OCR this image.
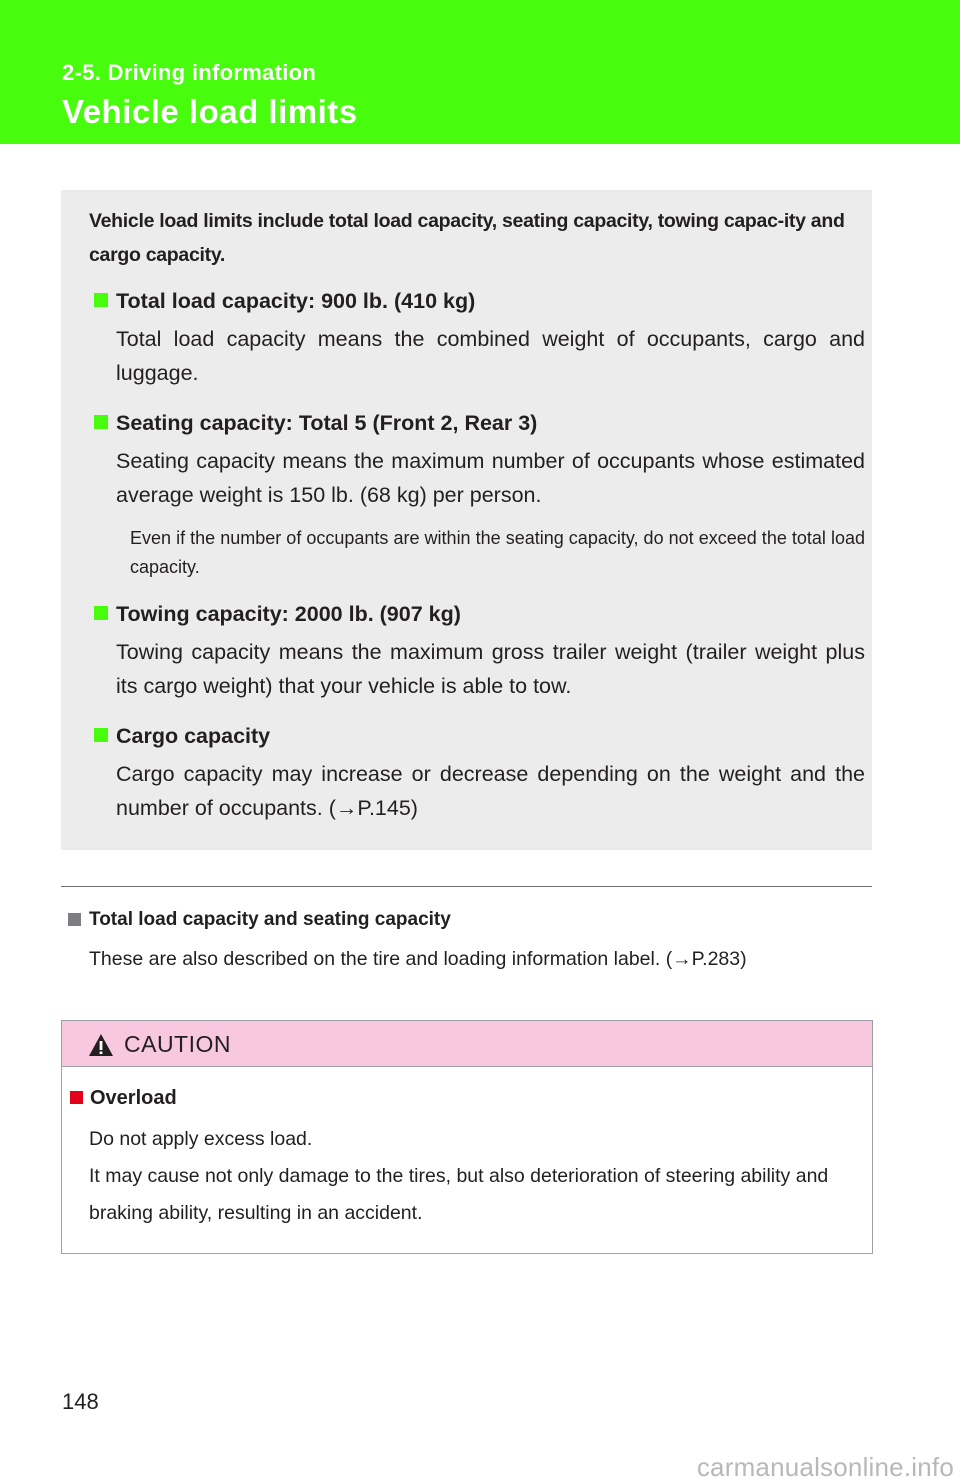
2-5. Driving information
Vehicle load limits
Vehicle load limits include total load capacity, seating capacity, towing capac-ity and cargo capacity.
Total load capacity: 900 lb. (410 kg)
Total load capacity means the combined weight of occupants, cargo and luggage.
Seating capacity: Total 5 (Front 2, Rear 3)
Seating capacity means the maximum number of occupants whose estimated average weight is 150 lb. (68 kg) per person.
Even if the number of occupants are within the seating capacity, do not exceed the total load capacity.
Towing capacity: 2000 lb. (907 kg)
Towing capacity means the maximum gross trailer weight (trailer weight plus its cargo weight) that your vehicle is able to tow.
Cargo capacity
Cargo capacity may increase or decrease depending on the weight and the number of occupants. (→P.145)
Total load capacity and seating capacity
These are also described on the tire and loading information label. (→P.283)
CAUTION
Overload

Do not apply excess load.

It may cause not only damage to the tires, but also deterioration of steering ability and braking ability, resulting in an accident.

148
carmanualsonline.info
